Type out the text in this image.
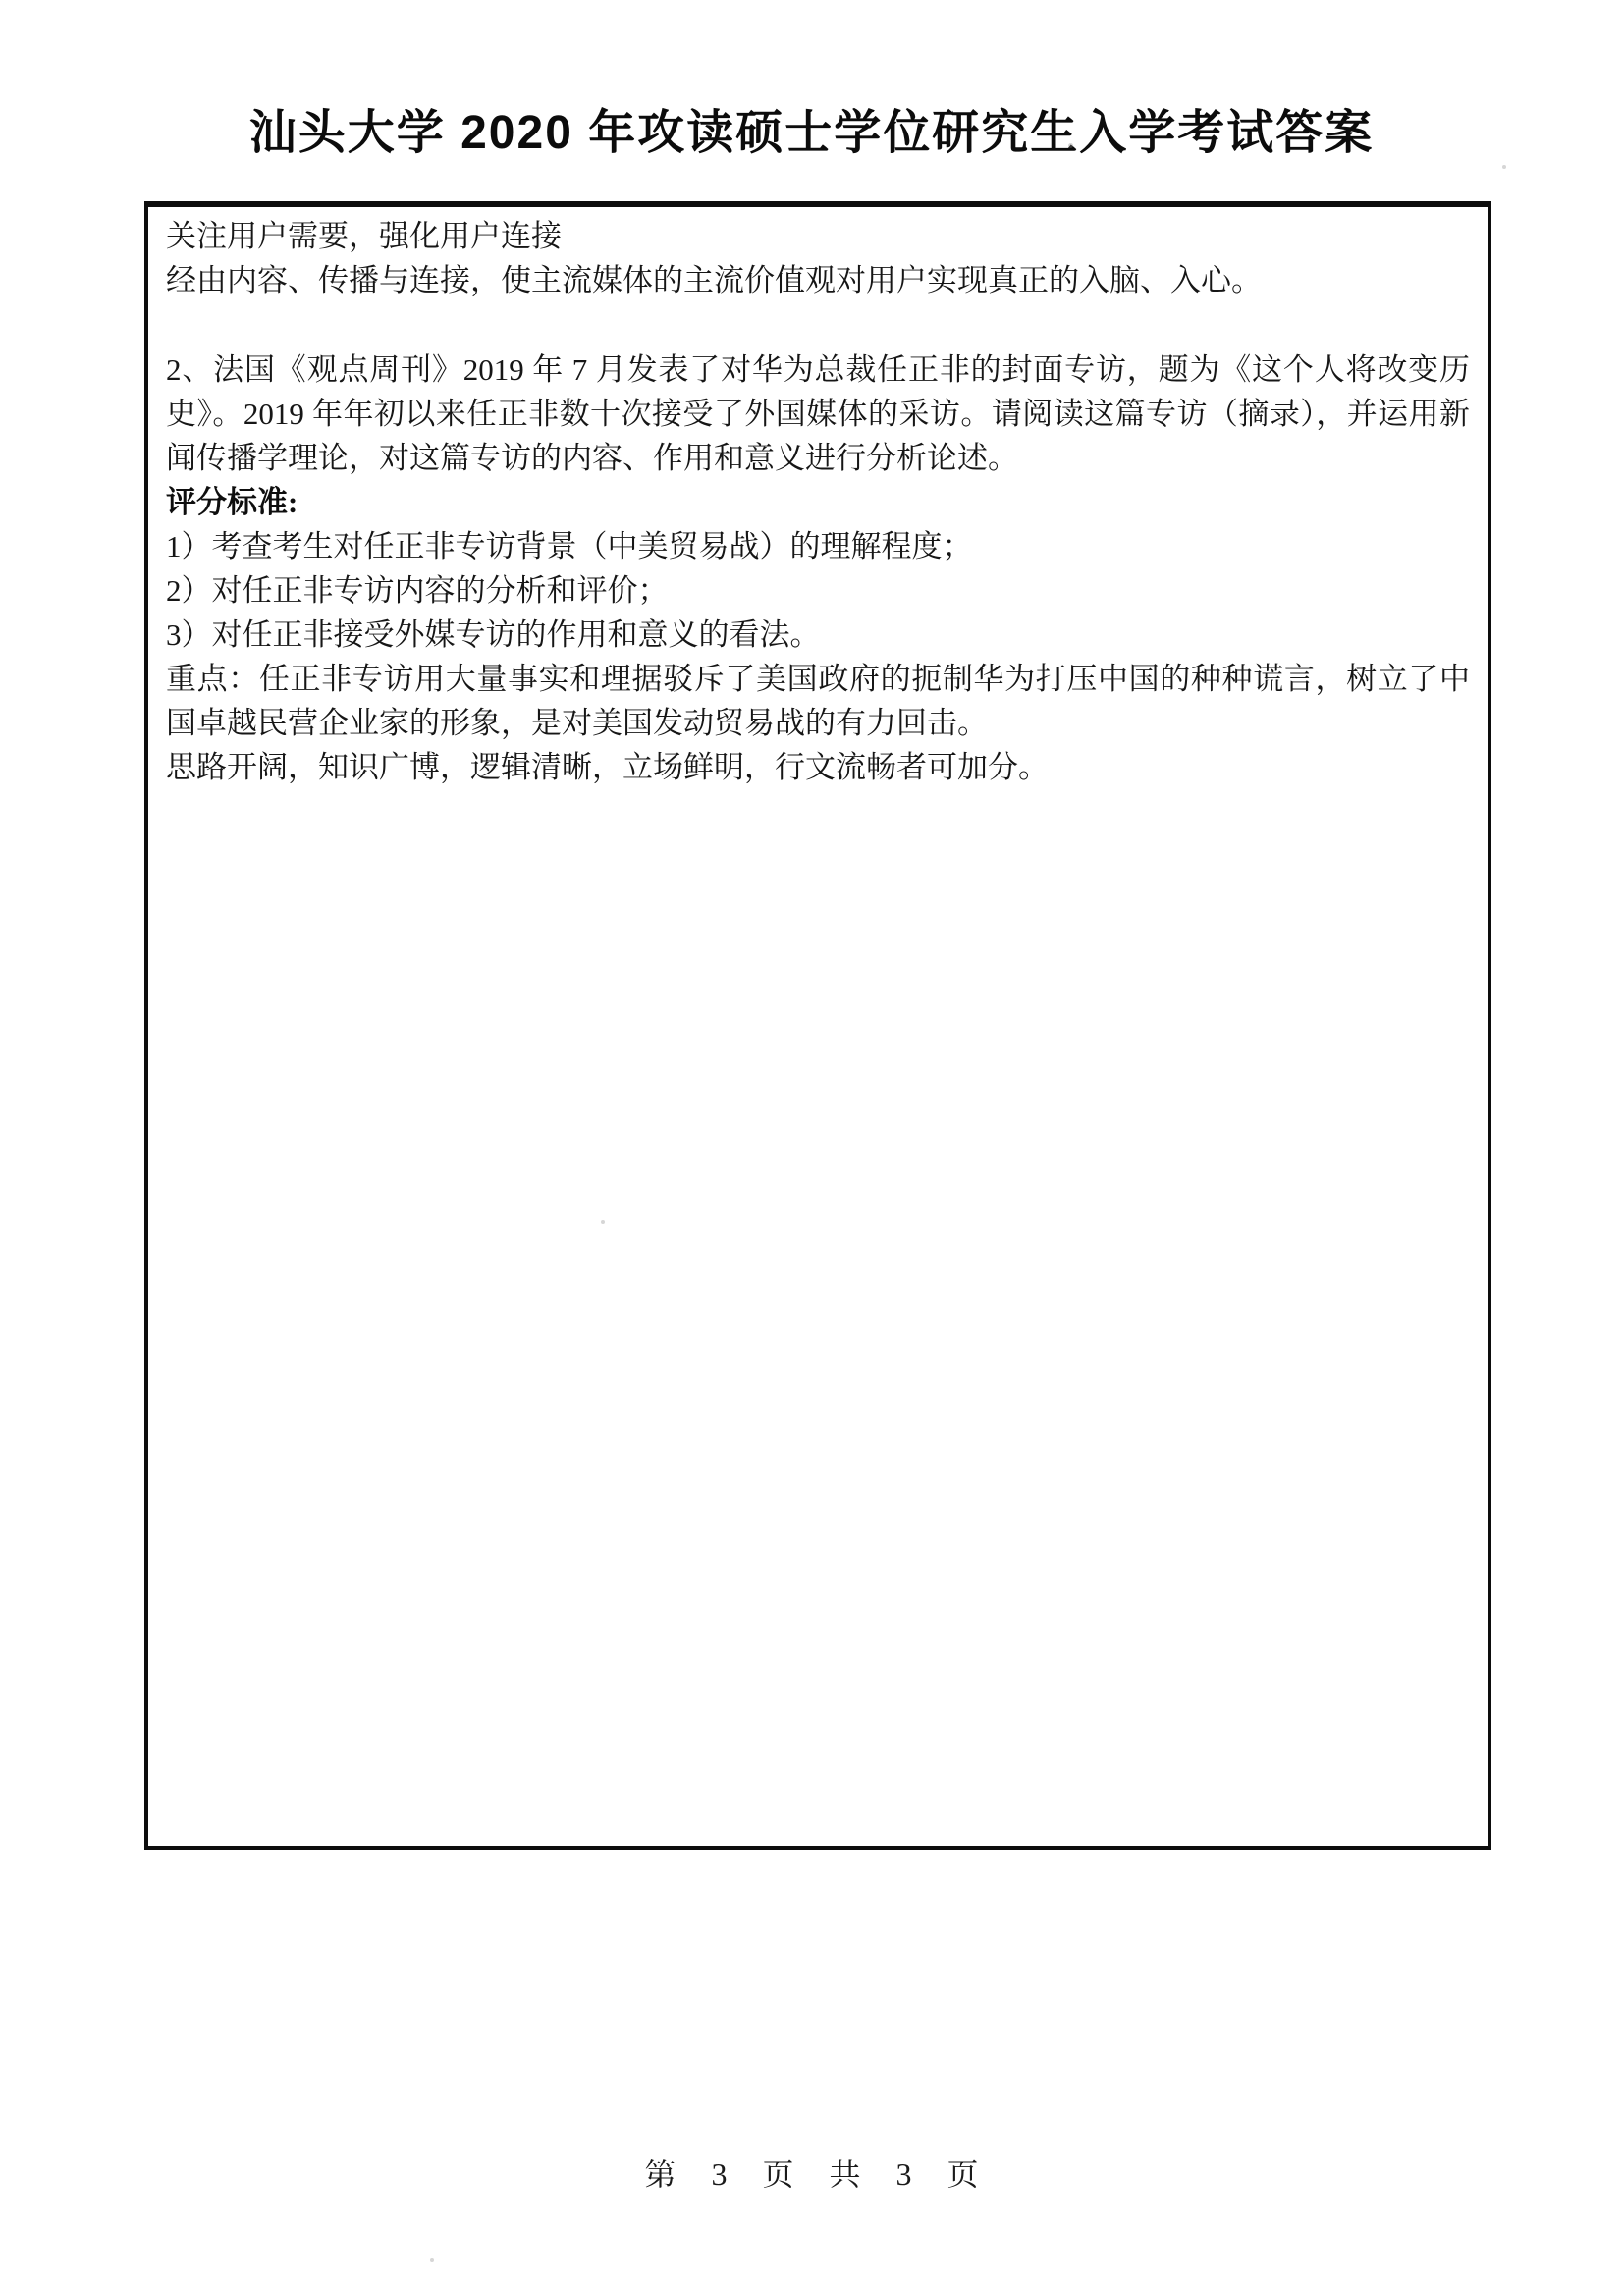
汕头大学 2020 年攻读硕士学位研究生入学考试答案
关注用户需要，强化用户连接
经由内容、传播与连接，使主流媒体的主流价值观对用户实现真正的入脑、入心。
2、法国《观点周刊》2019 年 7 月发表了对华为总裁任正非的封面专访，题为《这个人将改变历史》。2019 年年初以来任正非数十次接受了外国媒体的采访。请阅读这篇专访（摘录），并运用新闻传播学理论，对这篇专访的内容、作用和意义进行分析论述。
评分标准:
1）考查考生对任正非专访背景（中美贸易战）的理解程度；
2）对任正非专访内容的分析和评价；
3）对任正非接受外媒专访的作用和意义的看法。
重点：任正非专访用大量事实和理据驳斥了美国政府的扼制华为打压中国的种种谎言，树立了中国卓越民营企业家的形象，是对美国发动贸易战的有力回击。
思路开阔，知识广博，逻辑清晰，立场鲜明，行文流畅者可加分。
第 3 页 共 3 页
